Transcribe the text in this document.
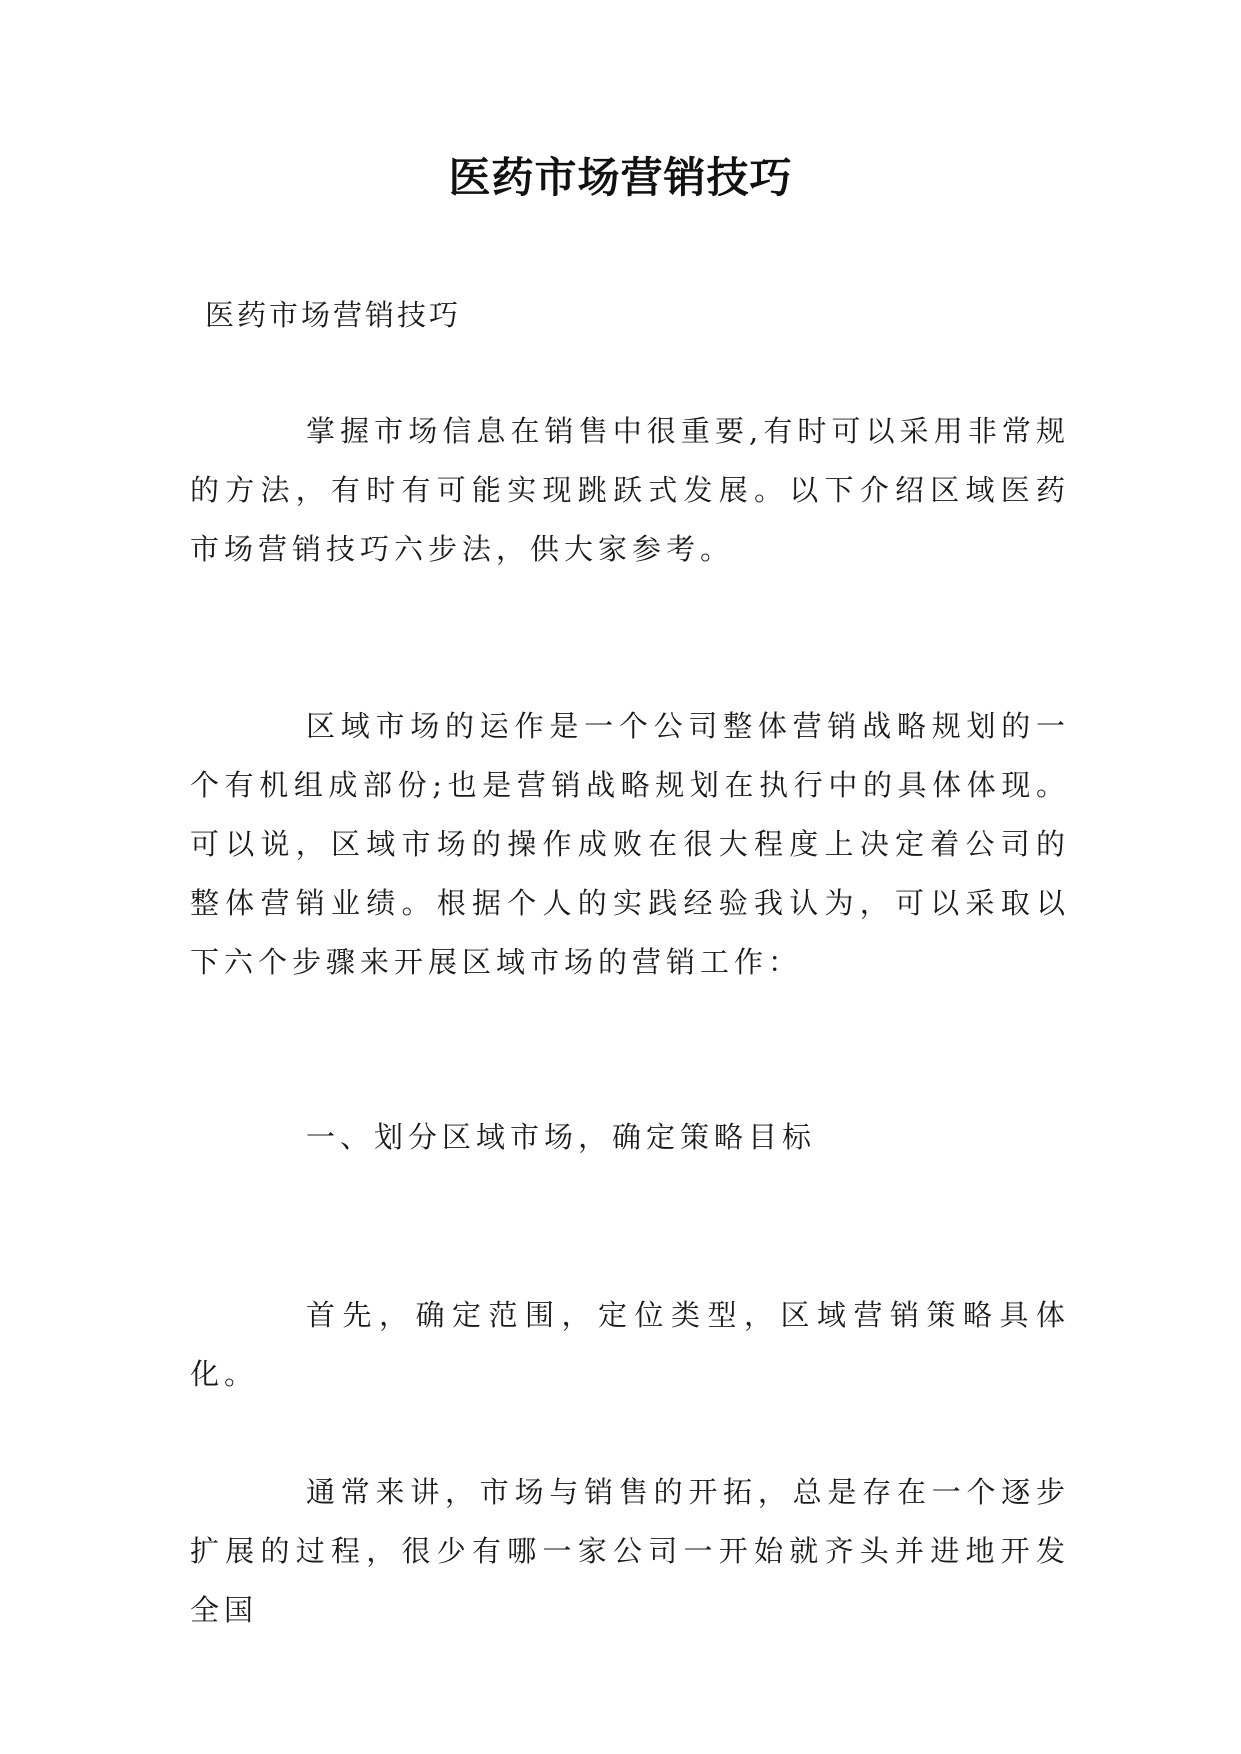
医药市场营销技巧

医药市场营销技巧

掌握市场信息在销售中很重要,有时可以采用非常规的方法，有时有可能实现跳跃式发展。以下介绍区域医药市场营销技巧六步法，供大家参考。

区域市场的运作是一个公司整体营销战略规划的一个有机组成部份;也是营销战略规划在执行中的具体体现。可以说，区域市场的操作成败在很大程度上决定着公司的整体营销业绩。根据个人的实践经验我认为，可以采取以下六个步骤来开展区域市场的营销工作：

一、划分区域市场，确定策略目标

首先，确定范围，定位类型，区域营销策略具体化。

通常来讲，市场与销售的开拓，总是存在一个逐步扩展的过程，很少有哪一家公司一开始就齐头并进地开发全国
